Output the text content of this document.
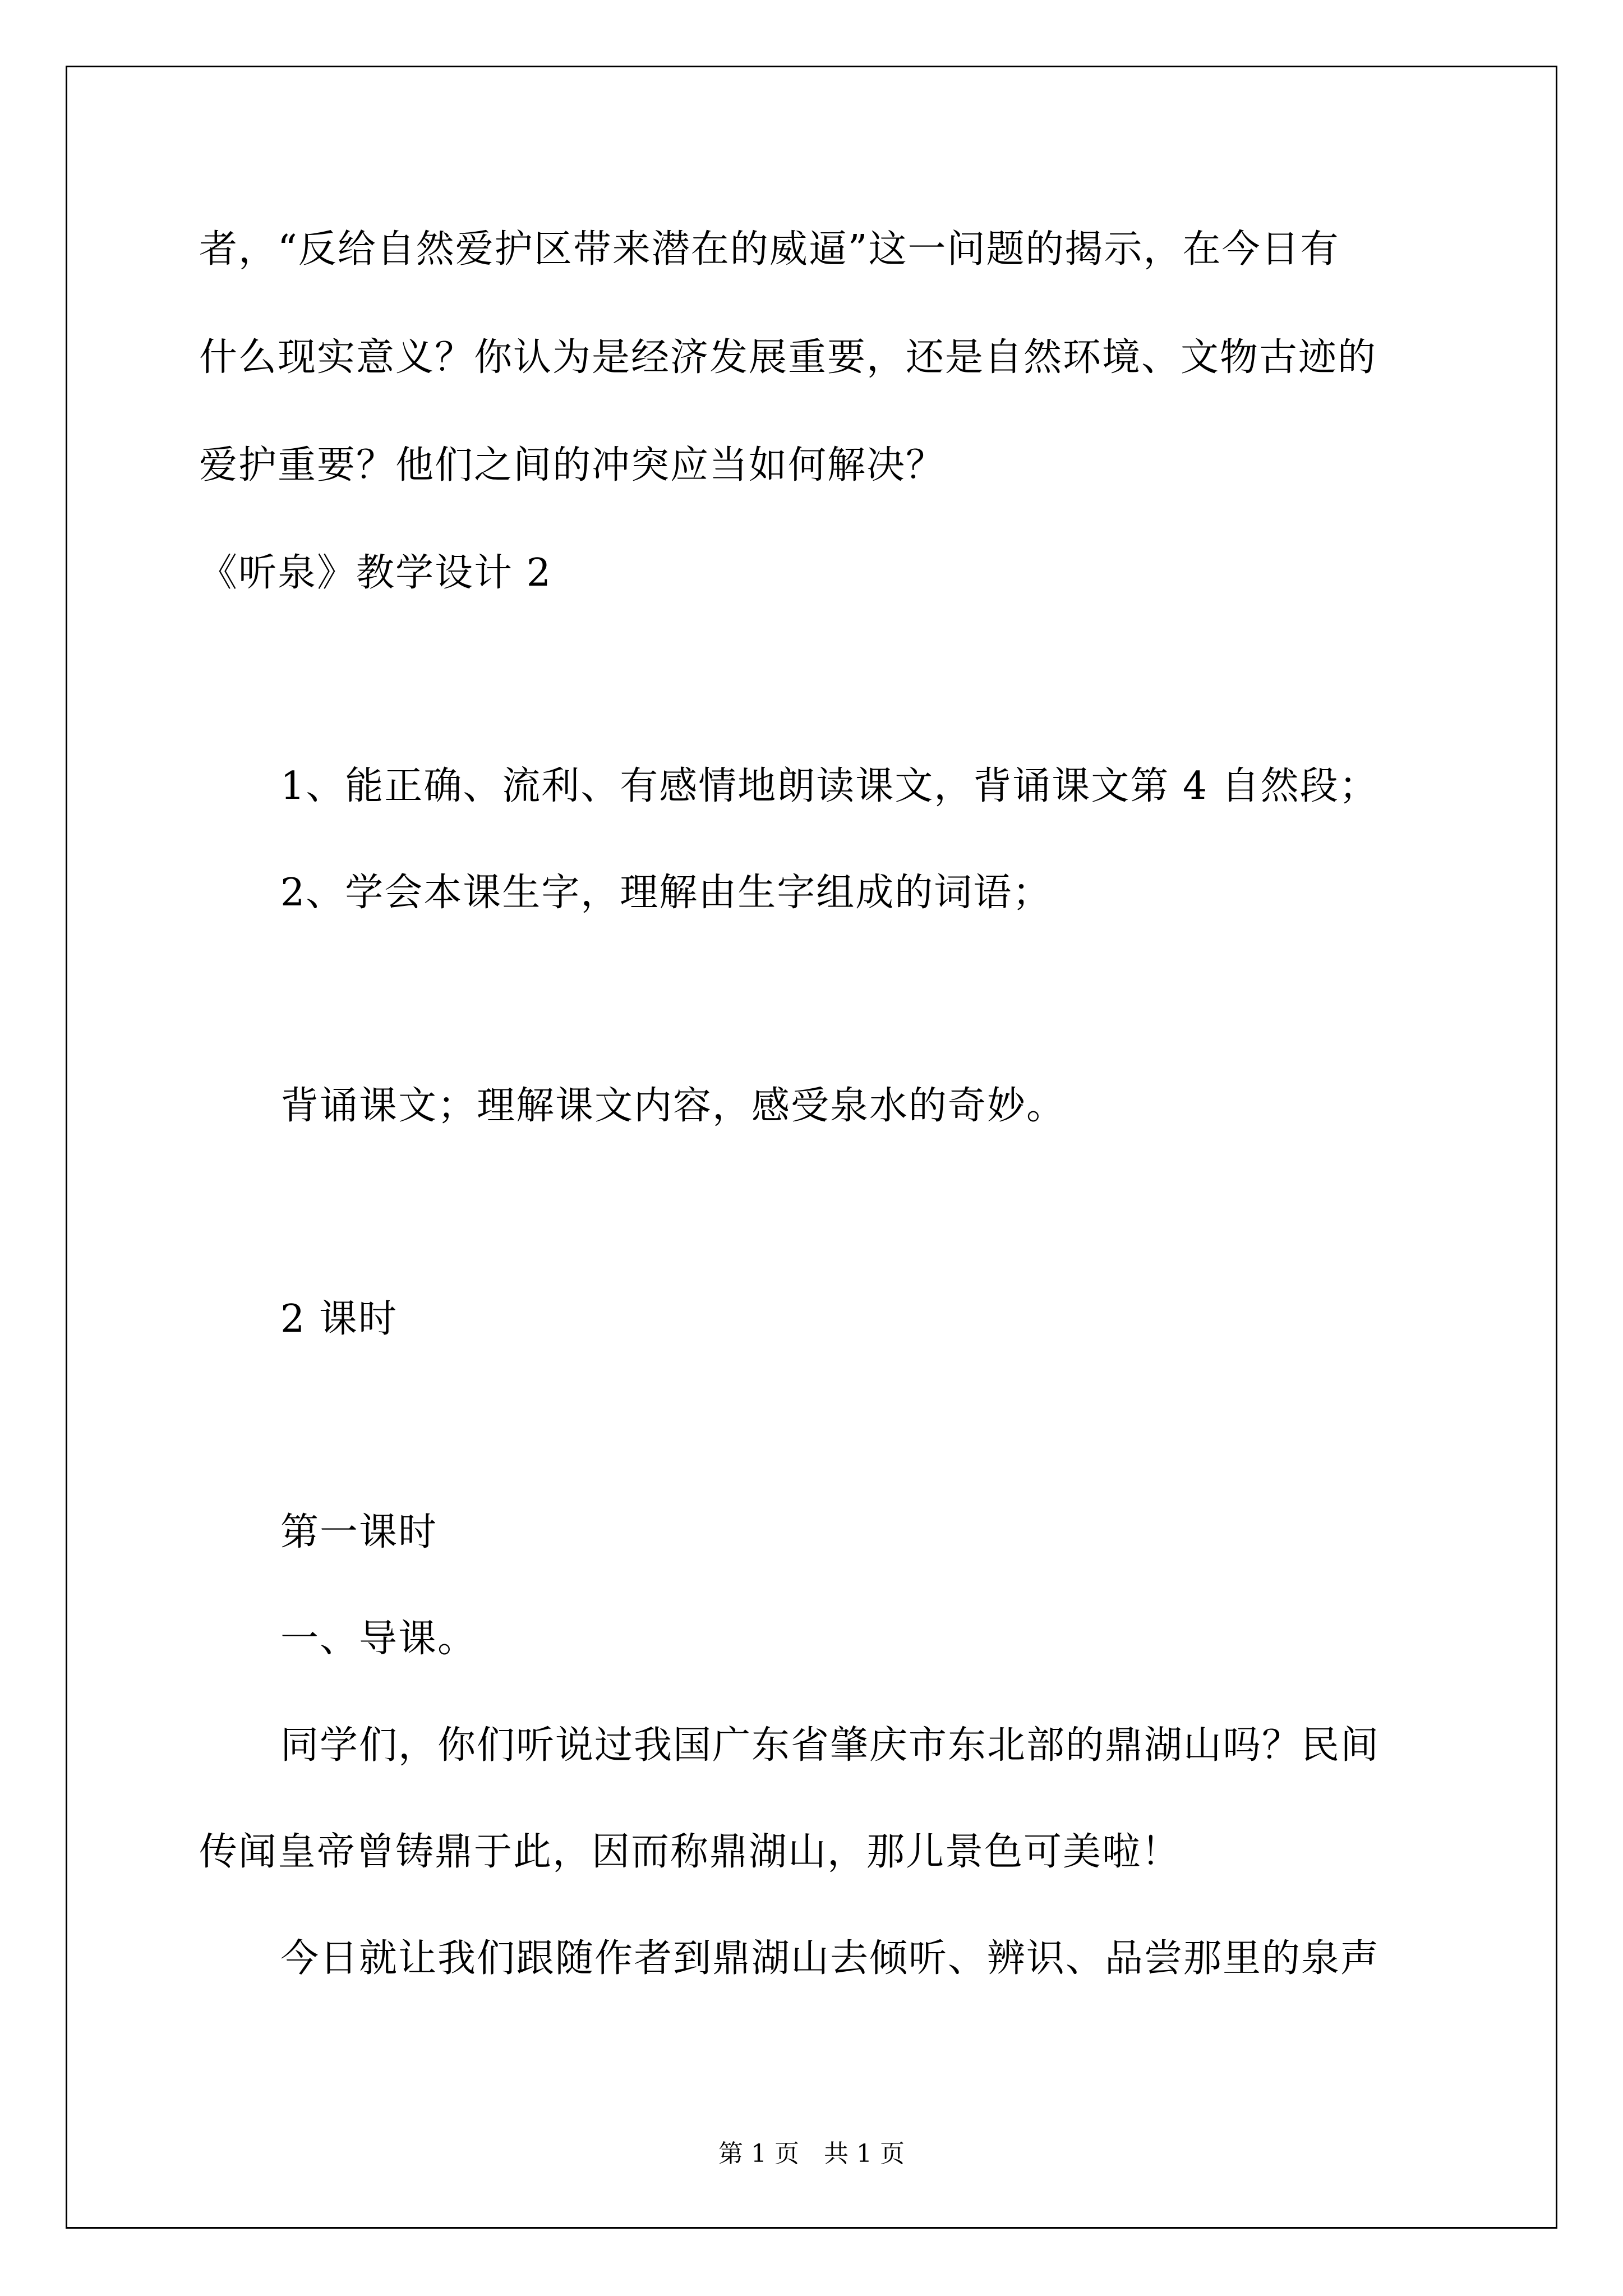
者，“反给自然爱护区带来潜在的威逼”这一问题的揭示，在今日有
什么现实意义？你认为是经济发展重要，还是自然环境、文物古迹的
爱护重要？他们之间的冲突应当如何解决？
《听泉》教学设计 2
1、能正确、流利、有感情地朗读课文，背诵课文第 4 自然段；
2、学会本课生字，理解由生字组成的词语；
背诵课文；理解课文内容，感受泉水的奇妙。
2 课时
第一课时
一、导课。
同学们，你们听说过我国广东省肇庆市东北部的鼎湖山吗？民间
传闻皇帝曾铸鼎于此，因而称鼎湖山，那儿景色可美啦！
今日就让我们跟随作者到鼎湖山去倾听、辨识、品尝那里的泉声
第 1 页　共 1 页
